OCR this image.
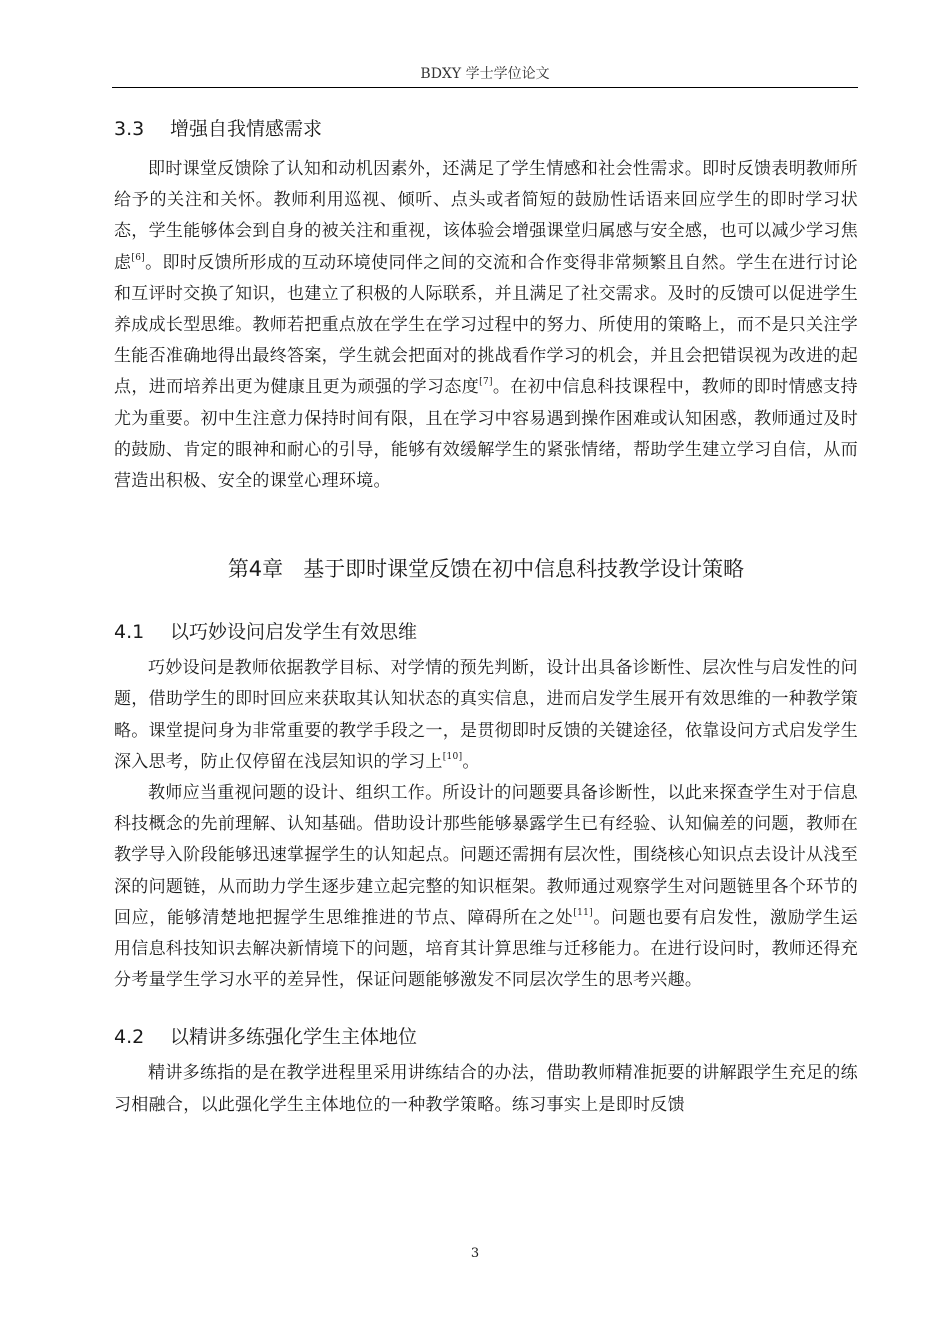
BDXY 学士学位论文
3.3 增强自我情感需求

即时课堂反馈除了认知和动机因素外，还满足了学生情感和社会性需求。即时反馈表明教师所给予的关注和关怀。教师利用巡视、倾听、点头或者简短的鼓励性话语来回应学生的即时学习状态，学生能够体会到自身的被关注和重视，该体验会增强课堂归属感与安全感，也可以减少学习焦虑[6]。即时反馈所形成的互动环境使同伴之间的交流和合作变得非常频繁且自然。学生在进行讨论和互评时交换了知识，也建立了积极的人际联系，并且满足了社交需求。及时的反馈可以促进学生养成成长型思维。教师若把重点放在学生在学习过程中的努力、所使用的策略上，而不是只关注学生能否准确地得出最终答案，学生就会把面对的挑战看作学习的机会，并且会把错误视为改进的起点，进而培养出更为健康且更为顽强的学习态度[7]。在初中信息科技课程中，教师的即时情感支持尤为重要。初中生注意力保持时间有限，且在学习中容易遇到操作困难或认知困惑，教师通过及时的鼓励、肯定的眼神和耐心的引导，能够有效缓解学生的紧张情绪，帮助学生建立学习自信，从而营造出积极、安全的课堂心理环境。

第4章 基于即时课堂反馈在初中信息科技教学设计策略
4.1 以巧妙设问启发学生有效思维

巧妙设问是教师依据教学目标、对学情的预先判断，设计出具备诊断性、层次性与启发性的问题，借助学生的即时回应来获取其认知状态的真实信息，进而启发学生展开有效思维的一种教学策略。课堂提问身为非常重要的教学手段之一，是贯彻即时反馈的关键途径，依靠设问方式启发学生深入思考，防止仅停留在浅层知识的学习上[10]。

教师应当重视问题的设计、组织工作。所设计的问题要具备诊断性，以此来探查学生对于信息科技概念的先前理解、认知基础。借助设计那些能够暴露学生已有经验、认知偏差的问题，教师在教学导入阶段能够迅速掌握学生的认知起点。问题还需拥有层次性，围绕核心知识点去设计从浅至深的问题链，从而助力学生逐步建立起完整的知识框架。教师通过观察学生对问题链里各个环节的回应，能够清楚地把握学生思维推进的节点、障碍所在之处[11]。问题也要有启发性，激励学生运用信息科技知识去解决新情境下的问题，培育其计算思维与迁移能力。在进行设问时，教师还得充分考量学生学习水平的差异性，保证问题能够激发不同层次学生的思考兴趣。

4.2 以精讲多练强化学生主体地位

精讲多练指的是在教学进程里采用讲练结合的办法，借助教师精准扼要的讲解跟学生充足的练习相融合，以此强化学生主体地位的一种教学策略。练习事实上是即时反馈

3
